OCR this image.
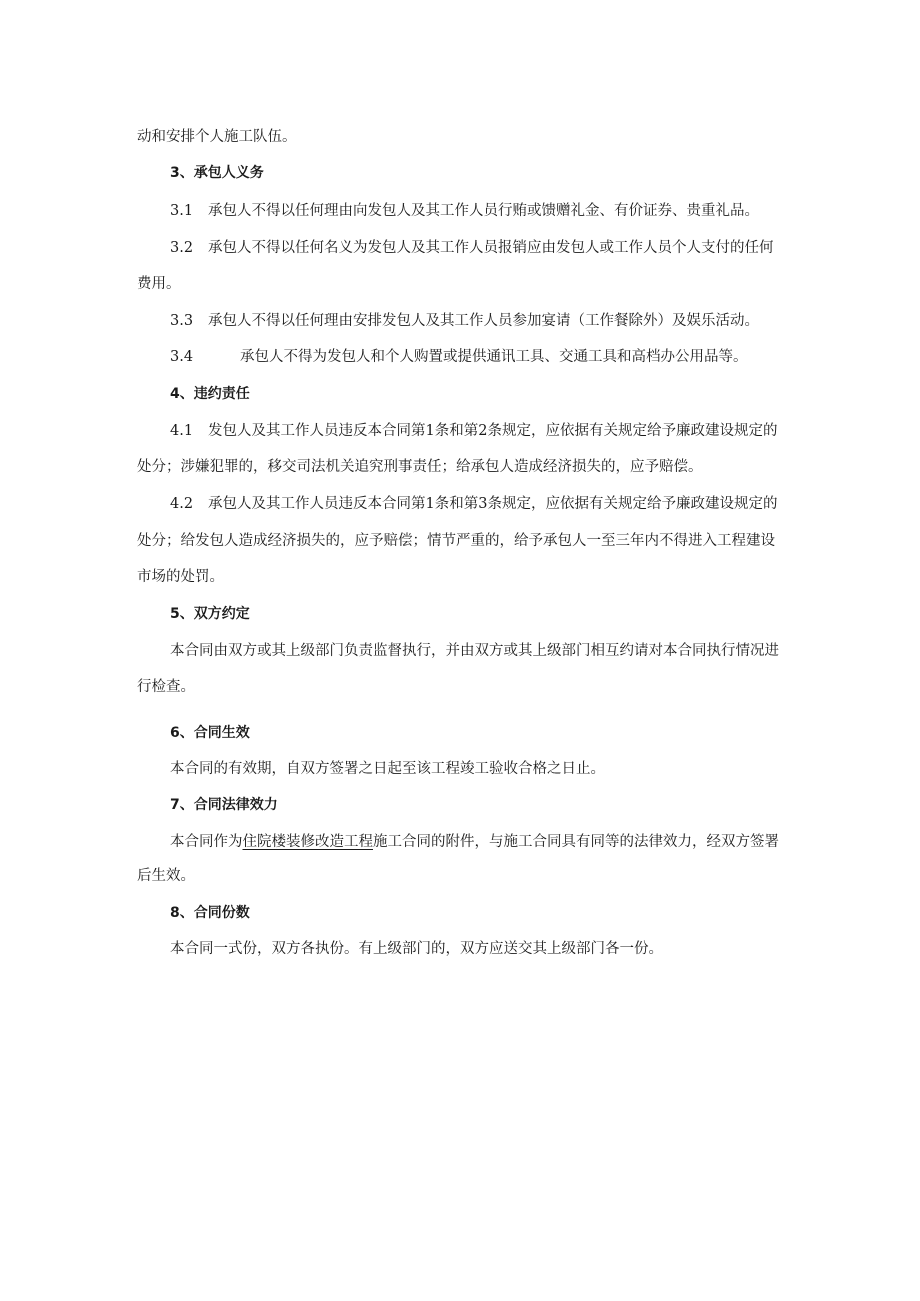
动和安排个人施工队伍。
3、承包人义务
3.1 承包人不得以任何理由向发包人及其工作人员行贿或馈赠礼金、有价证券、贵重礼品。
3.2 承包人不得以任何名义为发包人及其工作人员报销应由发包人或工作人员个人支付的任何
费用。
3.3 承包人不得以任何理由安排发包人及其工作人员参加宴请（工作餐除外）及娱乐活动。
3.4	承包人不得为发包人和个人购置或提供通讯工具、交通工具和高档办公用品等。
4、违约责任
4.1 发包人及其工作人员违反本合同第1条和第2条规定，应依据有关规定给予廉政建设规定的
处分；涉嫌犯罪的，移交司法机关追究刑事责任；给承包人造成经济损失的，应予赔偿。
4.2 承包人及其工作人员违反本合同第1条和第3条规定，应依据有关规定给予廉政建设规定的
处分；给发包人造成经济损失的，应予赔偿；情节严重的，给予承包人一至三年内不得进入工程建设
市场的处罚。
5、双方约定
本合同由双方或其上级部门负责监督执行，并由双方或其上级部门相互约请对本合同执行情况进
行检查。
6、合同生效
本合同的有效期，自双方签署之日起至该工程竣工验收合格之日止。
7、合同法律效力
本合同作为住院楼装修改造工程施工合同的附件，与施工合同具有同等的法律效力，经双方签署
后生效。
8、合同份数
本合同一式份，双方各执份。有上级部门的，双方应送交其上级部门各一份。
